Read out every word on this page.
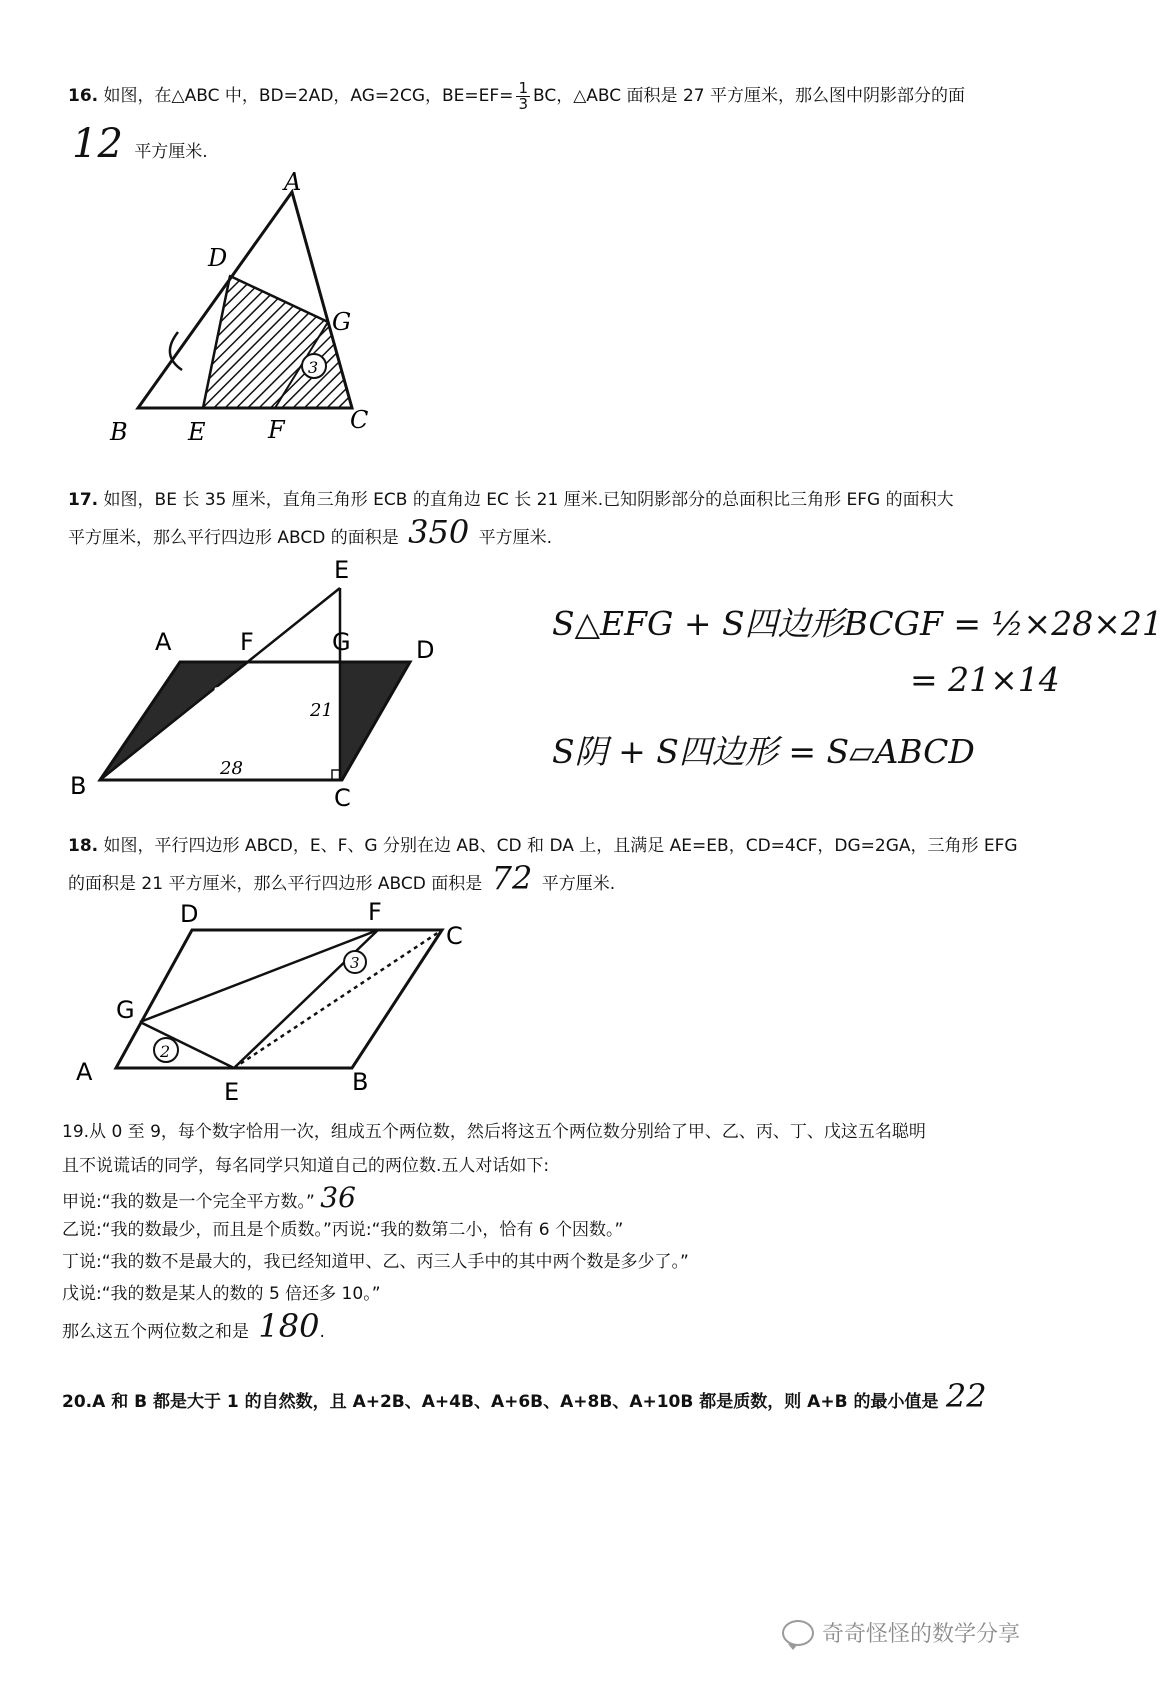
16. 如图，在△ABC 中，BD=2AD，AG=2CG，$BE=EF= \frac{1}{3}$ BC，△ABC 面积是 27 平方厘米，那么图中阴影部分的面
12 平方厘米.
3
A
D
G
B	E	F	C
17. 如图，BE 长 35 厘米，直角三角形 ECB 的直角边 EC 长 21 厘米.已知阴影部分的总面积比三角形 EFG 的面积大
平方厘米，那么平行四边形 ABCD 的面积是 350 平方厘米.
E
A	F	G	D
B	C
35
21
28
S△EFG + S四边形BCGF = ½×28×21
= 21×14
S阴 + S四边形 = S▱ABCD
18. 如图，平行四边形 ABCD，E、F、G 分别在边 AB、CD 和 DA 上，且满足 AE=EB，CD=4CF，DG=2GA，三角形 EFG
的面积是 21 平方厘米，那么平行四边形 ABCD 面积是 72 平方厘米.
2
3
D	F
C
G
A
E	B
19.从 0 至 9，每个数字恰用一次，组成五个两位数，然后将这五个两位数分别给了甲、乙、丙、丁、戊这五名聪明
且不说谎话的同学，每名同学只知道自己的两位数.五人对话如下:
甲说:“我的数是一个完全平方数。” 36
乙说:“我的数最少，而且是个质数。”丙说:“我的数第二小，恰有 6 个因数。”
丁说:“我的数不是最大的，我已经知道甲、乙、丙三人手中的其中两个数是多少了。”
戊说:“我的数是某人的数的 5 倍还多 10。”
那么这五个两位数之和是 180.
20.A 和 B 都是大于 1 的自然数，且 A+2B、A+4B、A+6B、A+8B、A+10B 都是质数，则 A+B 的最小值是 22
奇奇怪怪的数学分享
